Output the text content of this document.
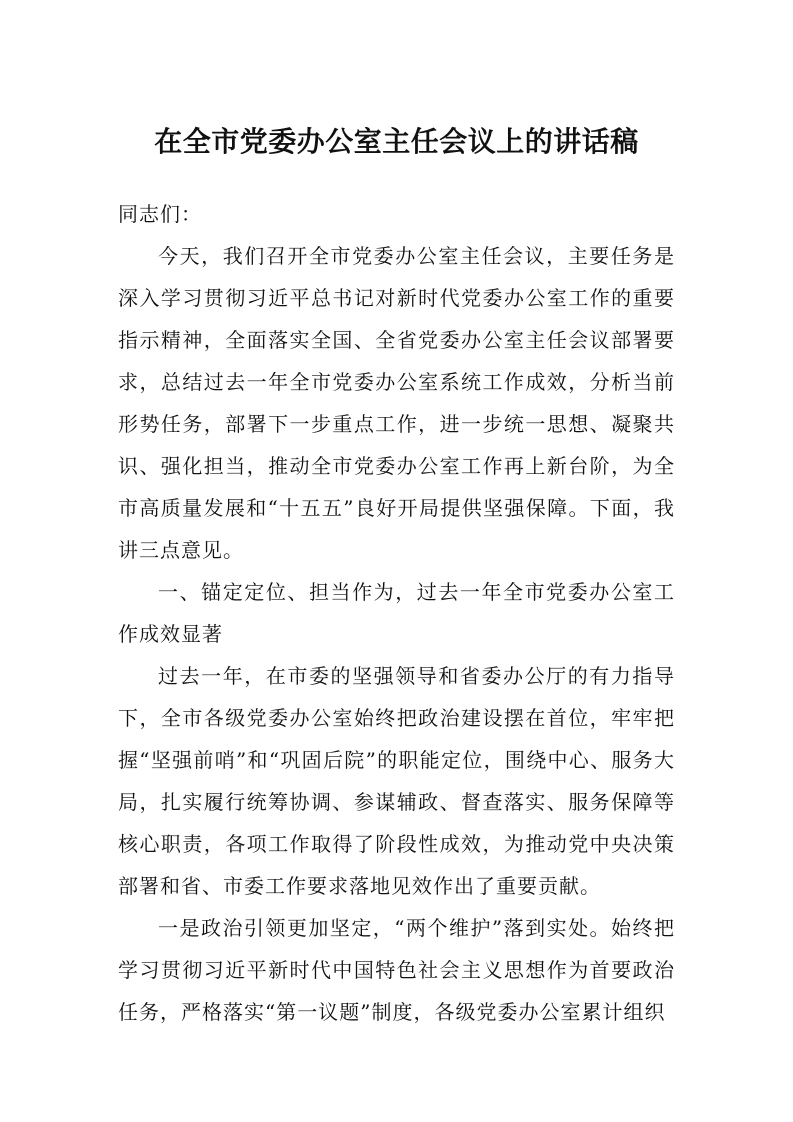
在全市党委办公室主任会议上的讲话稿

同志们：

今天，我们召开全市党委办公室主任会议，主要任务是深入学习贯彻习近平总书记对新时代党委办公室工作的重要指示精神，全面落实全国、全省党委办公室主任会议部署要求，总结过去一年全市党委办公室系统工作成效，分析当前形势任务，部署下一步重点工作，进一步统一思想、凝聚共识、强化担当，推动全市党委办公室工作再上新台阶，为全市高质量发展和“十五五”良好开局提供坚强保障。下面，我讲三点意见。

一、锚定定位、担当作为，过去一年全市党委办公室工作成效显著

过去一年，在市委的坚强领导和省委办公厅的有力指导下，全市各级党委办公室始终把政治建设摆在首位，牢牢把握“坚强前哨”和“巩固后院”的职能定位，围绕中心、服务大局，扎实履行统筹协调、参谋辅政、督查落实、服务保障等核心职责，各项工作取得了阶段性成效，为推动党中央决策部署和省、市委工作要求落地见效作出了重要贡献。

一是政治引领更加坚定，“两个维护”落到实处。始终把学习贯彻习近平新时代中国特色社会主义思想作为首要政治任务，严格落实“第一议题”制度，各级党委办公室累计组织
